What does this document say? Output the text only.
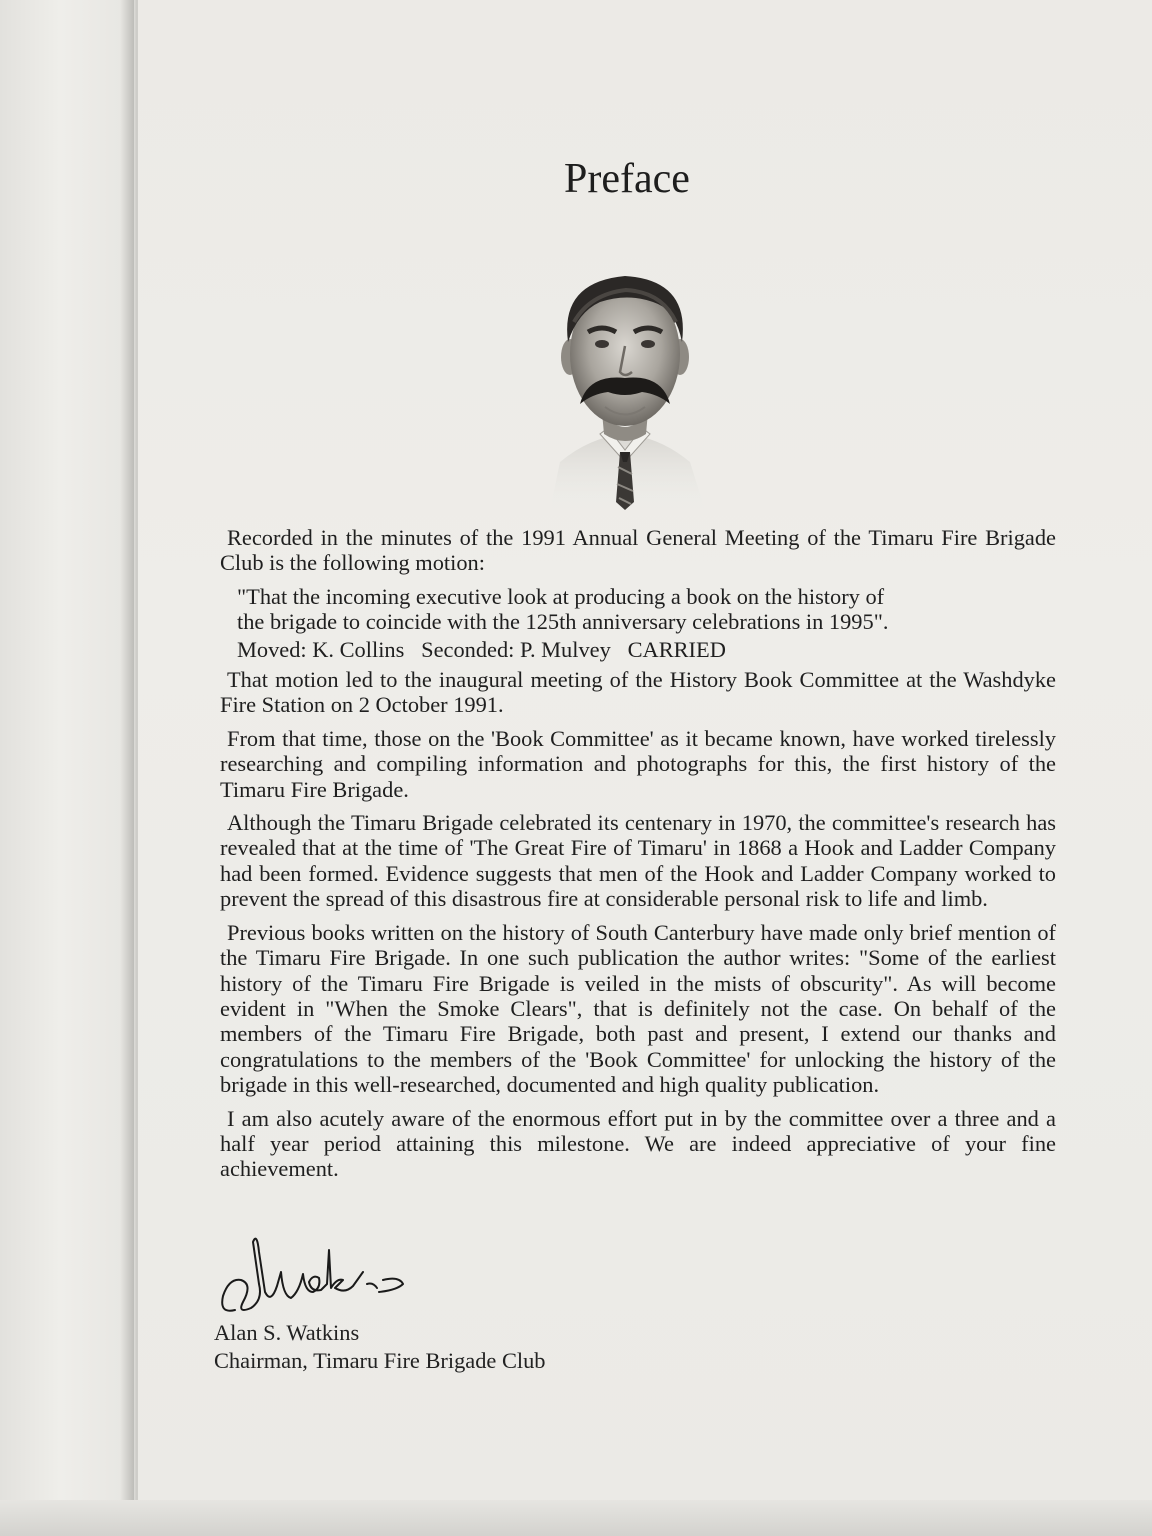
Preface

Recorded in the minutes of the 1991 Annual General Meeting of the Timaru Fire Brigade Club is the following motion:

"That the incoming executive look at producing a book on the history of
the brigade to coincide with the 125th anniversary celebrations in 1995".
Moved: K. Collins   Seconded: P. Mulvey   CARRIED

That motion led to the inaugural meeting of the History Book Committee at the Washdyke Fire Station on 2 October 1991.

From that time, those on the 'Book Committee' as it became known, have worked tirelessly researching and compiling information and photographs for this, the first history of the Timaru Fire Brigade.

Although the Timaru Brigade celebrated its centenary in 1970, the committee's research has revealed that at the time of 'The Great Fire of Timaru' in 1868 a Hook and Ladder Company had been formed. Evidence suggests that men of the Hook and Ladder Company worked to prevent the spread of this disastrous fire at considerable personal risk to life and limb.

Previous books written on the history of South Canterbury have made only brief mention of the Timaru Fire Brigade. In one such publication the author writes: "Some of the earliest history of the Timaru Fire Brigade is veiled in the mists of obscurity". As will become evident in "When the Smoke Clears", that is definitely not the case. On behalf of the members of the Timaru Fire Brigade, both past and present, I extend our thanks and congratulations to the members of the 'Book Committee' for unlocking the history of the brigade in this well-researched, documented and high quality publication.

I am also acutely aware of the enormous effort put in by the committee over a three and a half year period attaining this milestone. We are indeed appreciative of your fine achievement.

Alan S. Watkins
Chairman, Timaru Fire Brigade Club
